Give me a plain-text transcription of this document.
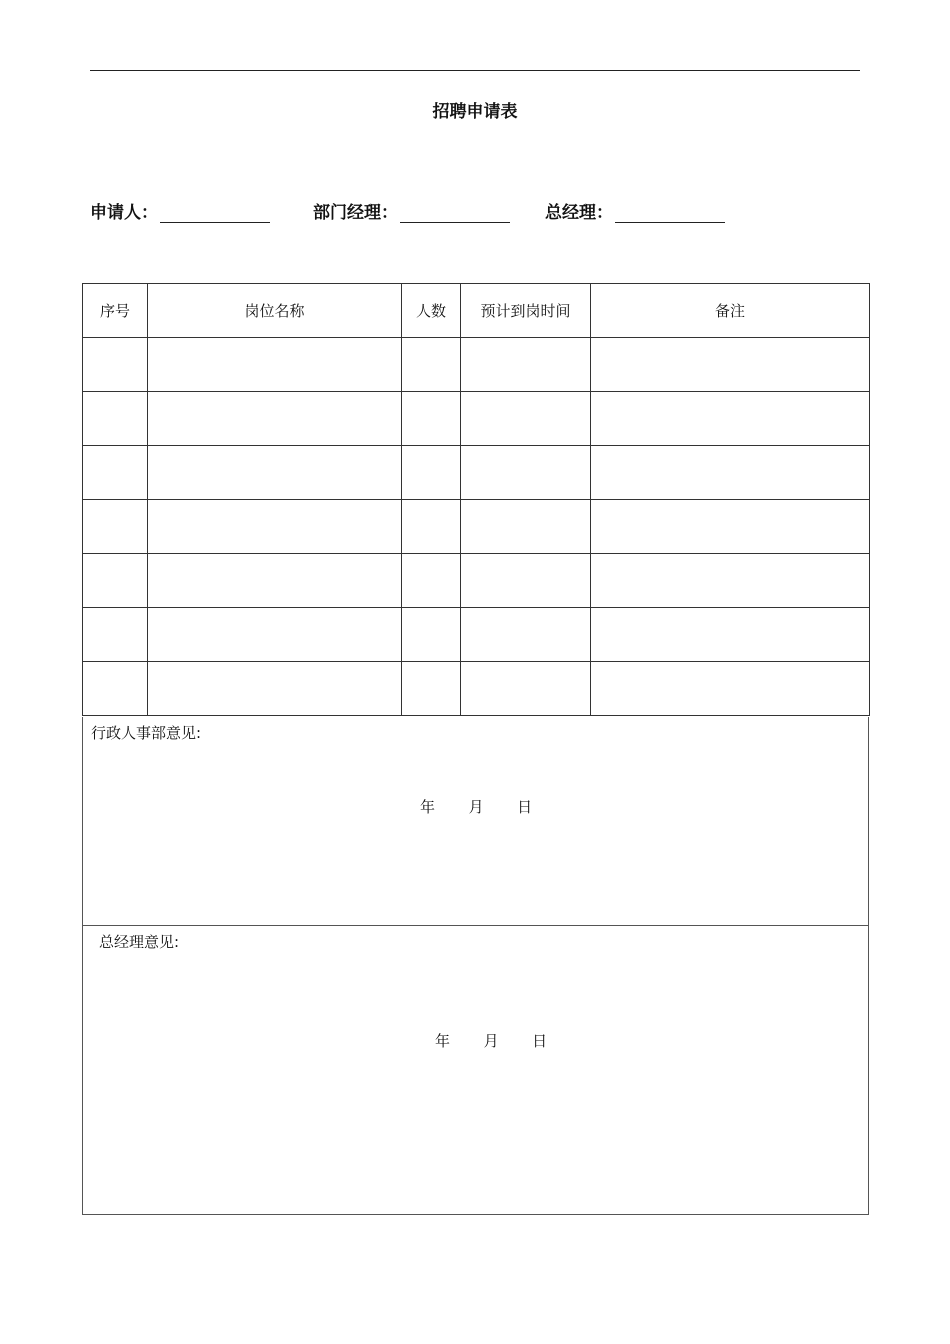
招聘申请表
申请人：	部门经理：	总经理：
序号	岗位名称	人数	预计到岗时间	备注

行政人事部意见:
年 月 日
总经理意见:
年 月 日
